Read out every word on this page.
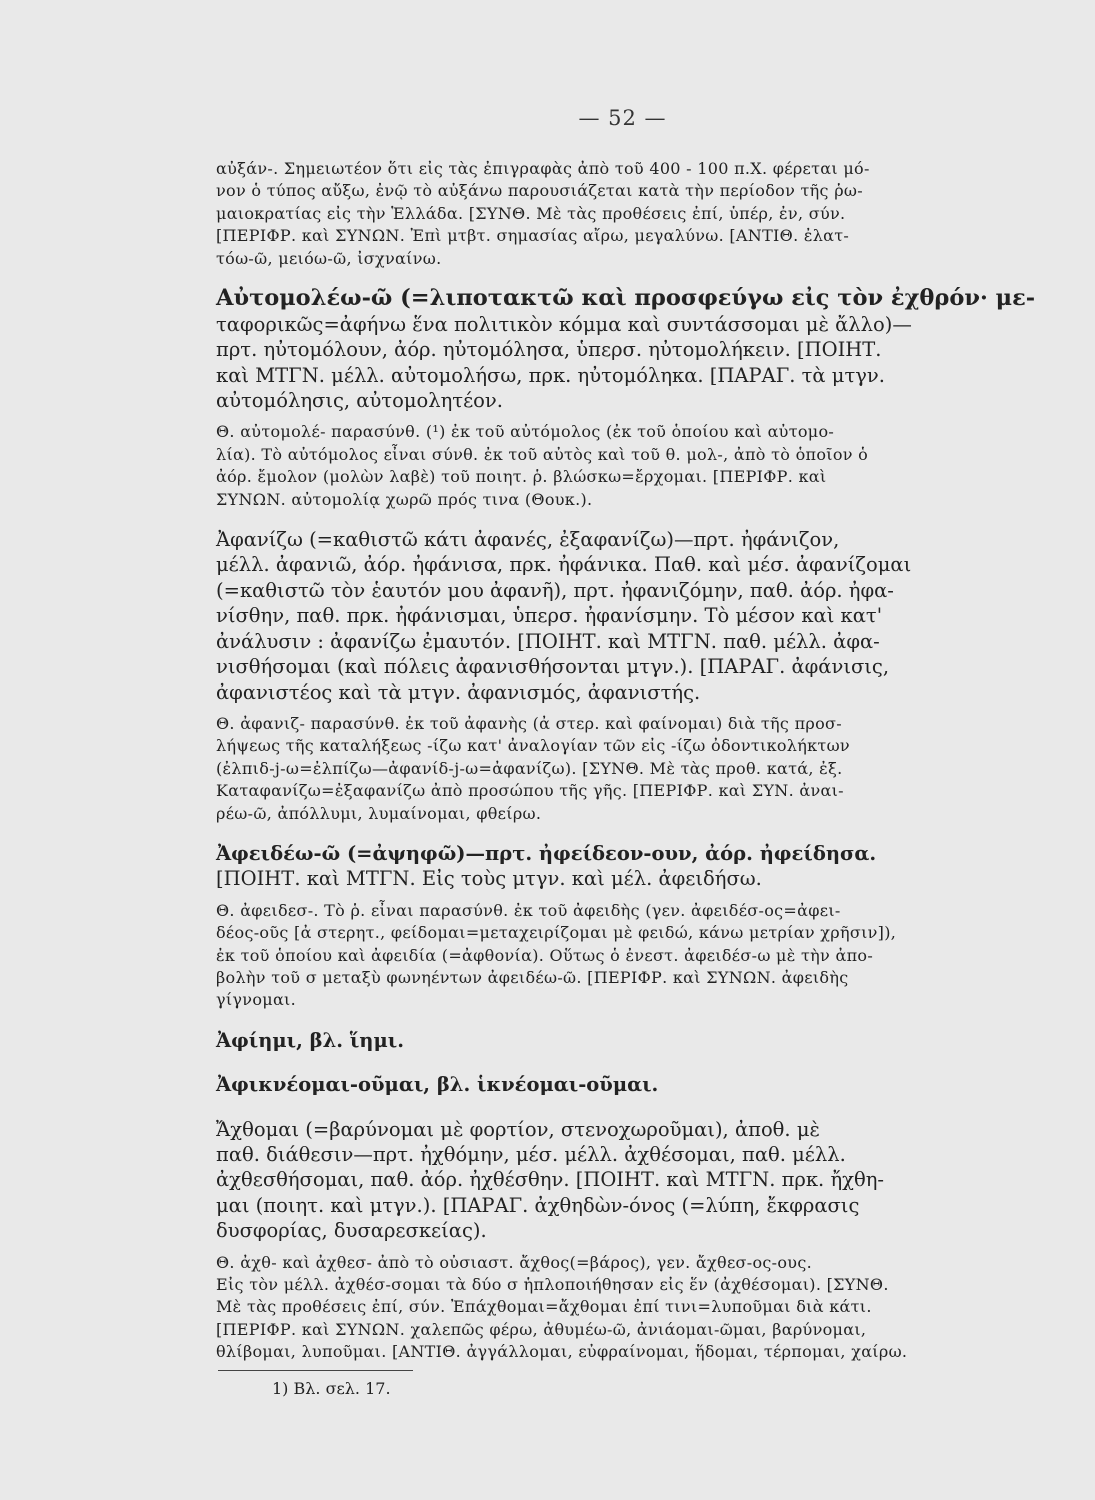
— 52 —
αὐξάν-. Σημειωτέον ὅτι εἰς τὰς ἐπιγραφὰς ἀπὸ τοῦ 400 - 100 π.Χ. φέρεται μό-
νον ὁ τύπος αὔξω, ἐνῷ τὸ αὐξάνω παρουσιάζεται κατὰ τὴν περίοδον τῆς ῥω-
μαιοκρατίας εἰς τὴν Ἑλλάδα. [ΣΥΝΘ. Μὲ τὰς προθέσεις ἐπί, ὑπέρ, ἐν, σύν.
[ΠΕΡΙΦΡ. καὶ ΣΥΝΩΝ. Ἐπὶ μτβτ. σημασίας αἴρω, μεγαλύνω. [ΑΝΤΙΘ. ἐλατ-
τόω-ῶ, μειόω-ῶ, ἰσχναίνω.
Αὐτομολέω-ῶ (=λιποτακτῶ καὶ προσφεύγω εἰς τὸν ἐχθρόν· με-
ταφορικῶς=ἀφήνω ἕνα πολιτικὸν κόμμα καὶ συντάσσομαι μὲ ἄλλο)—
πρτ. ηὐτομόλουν, ἀόρ. ηὐτομόλησα, ὑπερσ. ηὐτομολήκειν. [ΠΟΙΗΤ.
καὶ ΜΤΓΝ. μέλλ. αὐτομολήσω, πρκ. ηὐτομόληκα. [ΠΑΡΑΓ. τὰ μτγν.
αὐτομόλησις, αὐτομολητέον.
Θ. αὐτομολέ- παρασύνθ. (¹) ἐκ τοῦ αὐτόμολος (ἐκ τοῦ ὁποίου καὶ αὐτομο-
λία). Τὸ αὐτόμολος εἶναι σύνθ. ἐκ τοῦ αὐτὸς καὶ τοῦ θ. μολ-, ἀπὸ τὸ ὁποῖον ὁ
ἀόρ. ἔμολον (μολὼν λαβὲ) τοῦ ποιητ. ῥ. βλώσκω=ἔρχομαι. [ΠΕΡΙΦΡ. καὶ
ΣΥΝΩΝ. αὐτομολίᾳ χωρῶ πρός τινα (Θουκ.).
Ἀφανίζω (=καθιστῶ κάτι ἀφανές, ἐξαφανίζω)—πρτ. ἠφάνιζον,
μέλλ. ἀφανιῶ, ἀόρ. ἠφάνισα, πρκ. ἠφάνικα. Παθ. καὶ μέσ. ἀφανίζομαι
(=καθιστῶ τὸν ἑαυτόν μου ἀφανῆ), πρτ. ἠφανιζόμην, παθ. ἀόρ. ἠφα-
νίσθην, παθ. πρκ. ἠφάνισμαι, ὑπερσ. ἠφανίσμην. Τὸ μέσον καὶ κατ'
ἀνάλυσιν : ἀφανίζω ἐμαυτόν. [ΠΟΙΗΤ. καὶ ΜΤΓΝ. παθ. μέλλ. ἀφα-
νισθήσομαι (καὶ πόλεις ἀφανισθήσονται μτγν.). [ΠΑΡΑΓ. ἀφάνισις,
ἀφανιστέος καὶ τὰ μτγν. ἀφανισμός, ἀφανιστής.
Θ. ἀφανιζ- παρασύνθ. ἐκ τοῦ ἀφανὴς (ἀ στερ. καὶ φαίνομαι) διὰ τῆς προσ-
λήψεως τῆς καταλήξεως -ίζω κατ' ἀναλογίαν τῶν εἰς -ίζω ὀδοντικολήκτων
(ἐλπιδ-j-ω=ἐλπίζω—ἀφανίδ-j-ω=ἀφανίζω). [ΣΥΝΘ. Μὲ τὰς προθ. κατά, ἐξ.
Καταφανίζω=ἐξαφανίζω ἀπὸ προσώπου τῆς γῆς. [ΠΕΡΙΦΡ. καὶ ΣΥΝ. ἀναι-
ρέω-ῶ, ἀπόλλυμι, λυμαίνομαι, φθείρω.
Ἀφειδέω-ῶ (=ἀψηφῶ)—πρτ. ἠφείδεον-ουν, ἀόρ. ἠφείδησα.
[ΠΟΙΗΤ. καὶ ΜΤΓΝ. Εἰς τοὺς μτγν. καὶ μέλ. ἀφειδήσω.
Θ. ἀφειδεσ-. Τὸ ῥ. εἶναι παρασύνθ. ἐκ τοῦ ἀφειδὴς (γεν. ἀφειδέσ-ος=ἀφει-
δέος-οῦς [ἀ στερητ., φείδομαι=μεταχειρίζομαι μὲ φειδώ, κάνω μετρίαν χρῆσιν]),
ἐκ τοῦ ὁποίου καὶ ἀφειδία (=ἀφθονία). Οὕτως ὁ ἐνεστ. ἀφειδέσ-ω μὲ τὴν ἀπο-
βολὴν τοῦ σ μεταξὺ φωνηέντων ἀφειδέω-ῶ. [ΠΕΡΙΦΡ. καὶ ΣΥΝΩΝ. ἀφειδὴς
γίγνομαι.
Ἀφίημι, βλ. ἵημι.
Ἀφικνέομαι-οῦμαι, βλ. ἱκνέομαι-οῦμαι.
Ἄχθομαι (=βαρύνομαι μὲ φορτίον, στενοχωροῦμαι), ἀποθ. μὲ
παθ. διάθεσιν—πρτ. ἠχθόμην, μέσ. μέλλ. ἀχθέσομαι, παθ. μέλλ.
ἀχθεσθήσομαι, παθ. ἀόρ. ἠχθέσθην. [ΠΟΙΗΤ. καὶ ΜΤΓΝ. πρκ. ἤχθη-
μαι (ποιητ. καὶ μτγν.). [ΠΑΡΑΓ. ἀχθηδὼν-όνος (=λύπη, ἔκφρασις
δυσφορίας, δυσαρεσκείας).
Θ. ἀχθ- καὶ ἀχθεσ- ἀπὸ τὸ οὐσιαστ. ἄχθος(=βάρος), γεν. ἄχθεσ-ος-ους.
Εἰς τὸν μέλλ. ἀχθέσ-σομαι τὰ δύο σ ἡπλοποιήθησαν εἰς ἕν (ἀχθέσομαι). [ΣΥΝΘ.
Μὲ τὰς προθέσεις ἐπί, σύν. Ἐπάχθομαι=ἄχθομαι ἐπί τινι=λυποῦμαι διὰ κάτι.
[ΠΕΡΙΦΡ. καὶ ΣΥΝΩΝ. χαλεπῶς φέρω, ἀθυμέω-ῶ, ἀνιάομαι-ῶμαι, βαρύνομαι,
θλίβομαι, λυποῦμαι. [ΑΝΤΙΘ. ἀγγάλλομαι, εὐφραίνομαι, ἥδομαι, τέρπομαι, χαίρω.
1) Βλ. σελ. 17.
